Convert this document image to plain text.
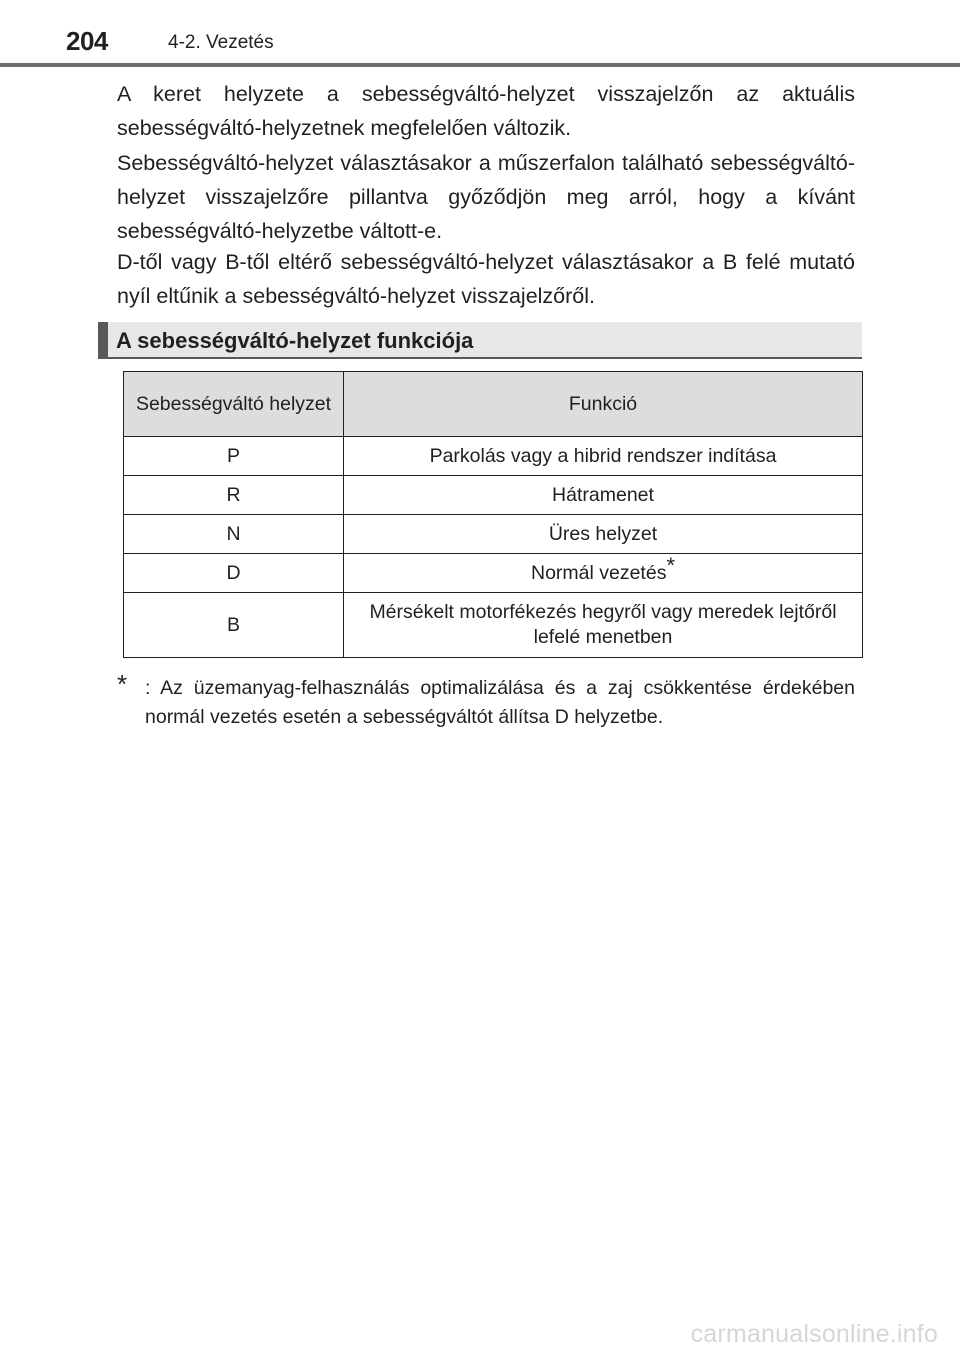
204	4-2. Vezetés

A keret helyzete a sebességváltó-helyzet visszajelzőn az aktuális sebességváltó-helyzetnek megfelelően változik.

Sebességváltó-helyzet választásakor a műszerfalon található sebességváltó-helyzet visszajelzőre pillantva győződjön meg arról, hogy a kívánt sebességváltó-helyzetbe váltott-e.

D-től vagy B-től eltérő sebességváltó-helyzet választásakor a B felé mutató nyíl eltűnik a sebességváltó-helyzet visszajelzőről.

A sebességváltó-helyzet funkciója
Sebességváltó helyzet	Funkció
P	Parkolás vagy a hibrid rendszer indítása
R	Hátramenet
N	Üres helyzet
D	Normál vezetés*
B	Mérsékelt motorfékezés hegyről vagy meredek lejtőről lefelé menetben
* : Az üzemanyag-felhasználás optimalizálása és a zaj csökkentése érdekében normál vezetés esetén a sebességváltót állítsa D helyzetbe.
carmanualsonline.info
